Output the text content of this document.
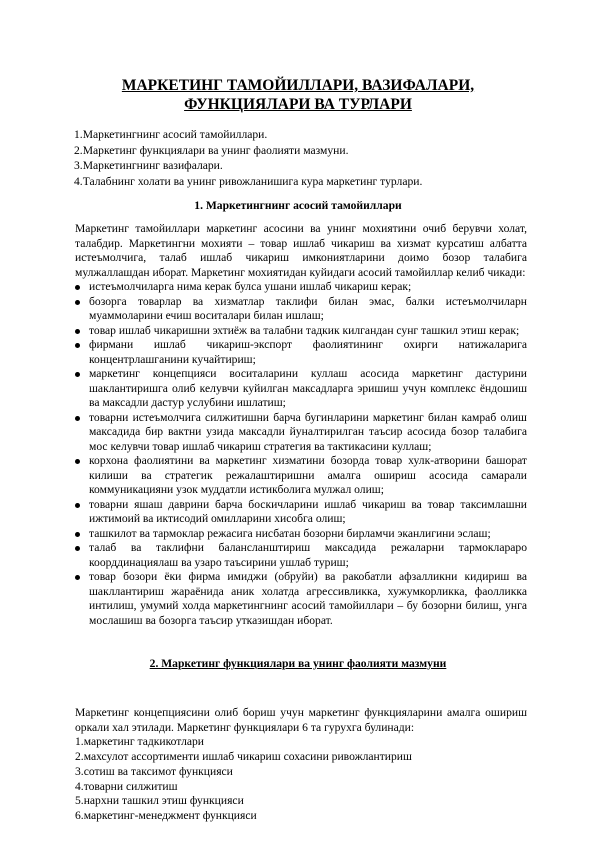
МАРКЕТИНГ ТАМОЙИЛЛАРИ, ВАЗИФАЛАРИ, ФУНКЦИЯЛАРИ ВА ТУРЛАРИ
1.Маркетингнинг асосий тамойиллари.
2.Маркетинг функциялари ва унинг фаолияти мазмуни.
3.Маркетингнинг вазифалари.
4.Талабнинг холати ва унинг ривожланишига кура маркетинг турлари.
1. Маркетингнинг асосий тамойиллари

Маркетинг тамойиллари маркетинг асосини ва унинг мохиятини очиб берувчи холат, талабдир. Маркетингни мохияти – товар ишлаб чикариш ва хизмат курсатиш албатта истеъмолчига, талаб ишлаб чикариш имкониятларини доимо бозор талабига мулжаллашдан иборат. Маркетинг мохиятидан куйидаги асосий тамойиллар келиб чикади:

истеъмолчиларга нима керак булса ушани ишлаб чикариш керак;
бозорга товарлар ва хизматлар таклифи билан эмас, балки истеъмолчиларн муаммоларини ечиш воситалари билан ишлаш;
товар ишлаб чикаришни эхтиёж ва талабни тадкик килгандан сунг ташкил этиш керак;
фирмани ишлаб чикариш-экспорт фаолиятининг охирги натижаларига концентрлашганини кучайтириш;
маркетинг концепцияси воситаларини куллаш асосида маркетинг дастурини шаклантиришга олиб келувчи куйилган максадларга эришиш учун комплекс ёндошиш ва максадли дастур услубини ишлатиш;
товарни истеъмолчига силжитишни барча бугинларини маркетинг билан камраб олиш максадида бир вактни узида максадли йуналтирилган таъсир асосида бозор талабига мос келувчи товар ишлаб чикариш стратегия ва тактикасини куллаш;
корхона фаолиятини ва маркетинг хизматини бозорда товар хулк-атворини башорат килиши ва стратегик режалаштиришни амалга ошириш асосида самарали коммуникацияни узок муддатли истикболига мулжал олиш;
товарни яшаш даврини барча боскичларини ишлаб чикариш ва товар таксимлашни ижтимоий ва иктисодий омилларини хисобга олиш;
ташкилот ва тармоклар режасига нисбатан бозорни бирламчи эканлигини эслаш;
талаб ва таклифни балансланштириш максадида режаларни тармоклараро коорддинациялаш ва узаро таъсирини ушлаб туриш;
товар бозори ёки фирма имиджи (обруйи) ва ракобатли афзалликни кидириш ва шакллантириш жараёнида аник холатда агрессивликка, хужумкорликка, фаолликка интилиш, умумий холда маркетингнинг асосий тамойиллари – бу бозорни билиш, унга мослашиш ва бозорга таъсир утказишдан иборат.
2. Маркетинг функциялари ва унинг фаолияти мазмуни

Маркетинг концепциясини олиб бориш учун маркетинг функцияларини амалга ошириш оркали хал этилади. Маркетинг функциялари 6 та гурухга булинади:

1.маркетинг тадкикотлари
2.махсулот ассортименти ишлаб чикариш сохасини ривожлантириш
3.сотиш ва таксимот функцияси
4.товарни силжитиш
5.нархни ташкил этиш функцияси
6.маркетинг-менеджмент функцияси
